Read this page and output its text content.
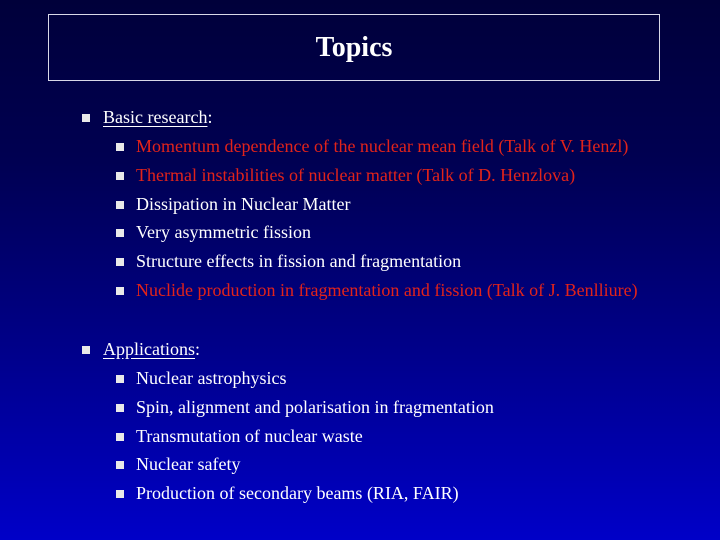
Topics
Basic research :
Momentum dependence of the nuclear mean field (Talk of V. Henzl)
Thermal instabilities of nuclear matter (Talk of D. Henzlova)
Dissipation in Nuclear Matter
Very asymmetric fission
Structure effects in fission and fragmentation
Nuclide production in fragmentation and fission (Talk of J. Benlliure)
Applications :
Nuclear astrophysics
Spin, alignment and polarisation in fragmentation
Transmutation of nuclear waste
Nuclear safety
Production of secondary beams (RIA, FAIR)
